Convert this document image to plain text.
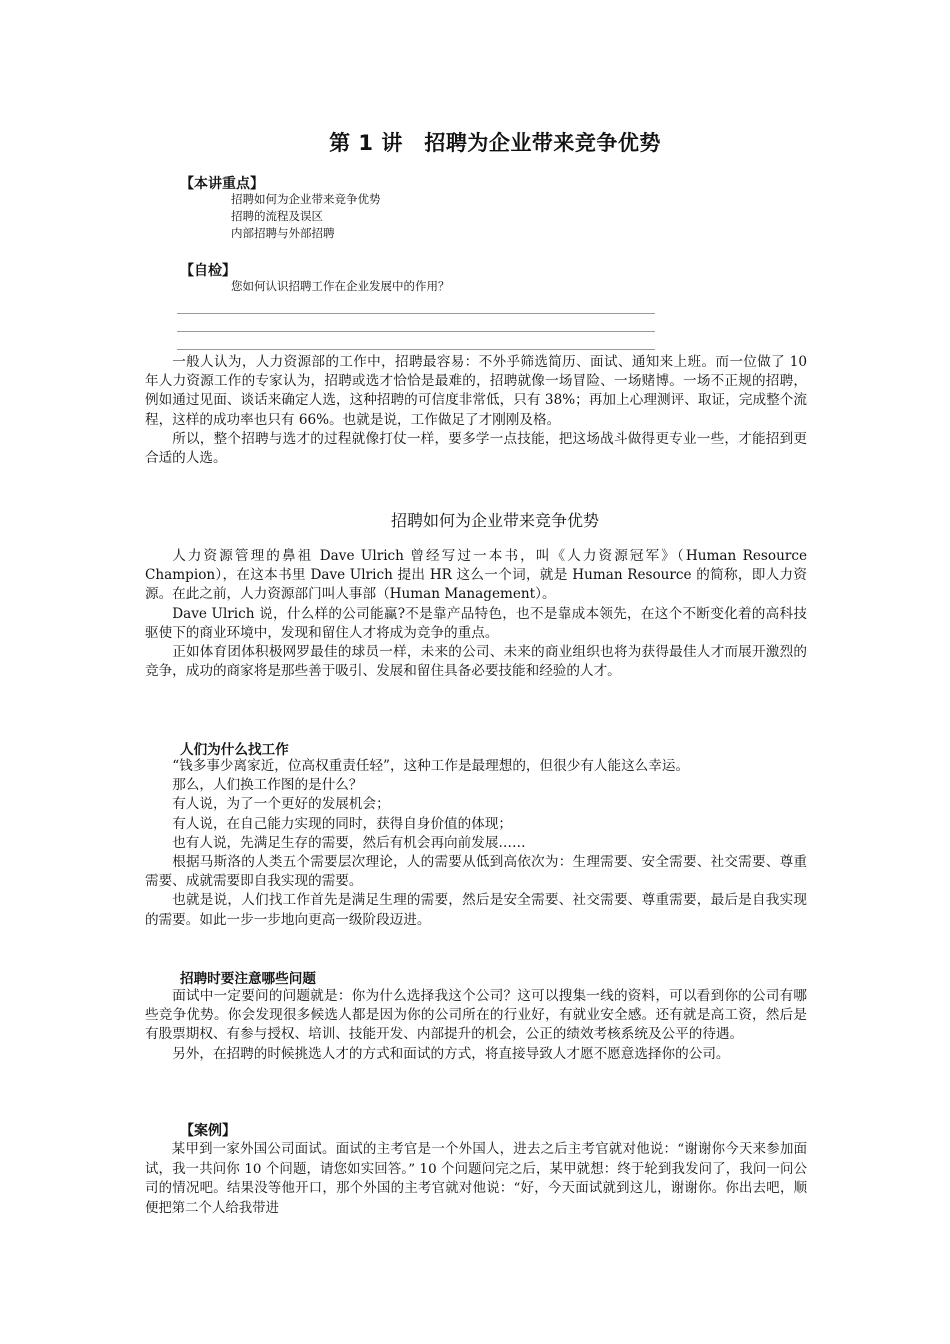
第 1 讲　招聘为企业带来竞争优势
【本讲重点】
招聘如何为企业带来竞争优势
招聘的流程及误区
内部招聘与外部招聘
【自检】
您如何认识招聘工作在企业发展中的作用？

一般人认为，人力资源部的工作中，招聘最容易：不外乎筛选简历、面试、通知来上班。而一位做了 10 年人力资源工作的专家认为，招聘或选才恰恰是最难的，招聘就像一场冒险、一场赌博。一场不正规的招聘，例如通过见面、谈话来确定人选，这种招聘的可信度非常低，只有 38%；再加上心理测评、取证，完成整个流程，这样的成功率也只有 66%。也就是说，工作做足了才刚刚及格。

所以，整个招聘与选才的过程就像打仗一样，要多学一点技能，把这场战斗做得更专业一些，才能招到更合适的人选。

招聘如何为企业带来竞争优势

人力资源管理的鼻祖 Dave Ulrich 曾经写过一本书，叫《人力资源冠军》（Human Resource Champion），在这本书里 Dave Ulrich 提出 HR 这么一个词，就是 Human Resource 的简称，即人力资源。在此之前，人力资源部门叫人事部（Human Management）。

Dave Ulrich 说，什么样的公司能赢?不是靠产品特色，也不是靠成本领先，在这个不断变化着的高科技驱使下的商业环境中，发现和留住人才将成为竞争的重点。

正如体育团体积极网罗最佳的球员一样，未来的公司、未来的商业组织也将为获得最佳人才而展开激烈的竞争，成功的商家将是那些善于吸引、发展和留住具备必要技能和经验的人才。

人们为什么找工作

“钱多事少离家近，位高权重责任轻”，这种工作是最理想的，但很少有人能这么幸运。

那么，人们换工作图的是什么？

有人说，为了一个更好的发展机会；

有人说，在自己能力实现的同时，获得自身价值的体现；

也有人说，先满足生存的需要，然后有机会再向前发展……

根据马斯洛的人类五个需要层次理论，人的需要从低到高依次为：生理需要、安全需要、社交需要、尊重需要、成就需要即自我实现的需要。

也就是说，人们找工作首先是满足生理的需要，然后是安全需要、社交需要、尊重需要，最后是自我实现的需要。如此一步一步地向更高一级阶段迈进。

招聘时要注意哪些问题

面试中一定要问的问题就是：你为什么选择我这个公司？这可以搜集一线的资料，可以看到你的公司有哪些竞争优势。你会发现很多候选人都是因为你的公司所在的行业好，有就业安全感。还有就是高工资，然后是有股票期权、有参与授权、培训、技能开发、内部提升的机会，公正的绩效考核系统及公平的待遇。

另外，在招聘的时候挑选人才的方式和面试的方式，将直接导致人才愿不愿意选择你的公司。

【案例】

某甲到一家外国公司面试。面试的主考官是一个外国人，进去之后主考官就对他说：“谢谢你今天来参加面试，我一共问你 10 个问题，请您如实回答。” 10 个问题问完之后，某甲就想：终于轮到我发问了，我问一问公司的情况吧。结果没等他开口，那个外国的主考官就对他说：“好，今天面试就到这儿，谢谢你。你出去吧，顺便把第二个人给我带进
